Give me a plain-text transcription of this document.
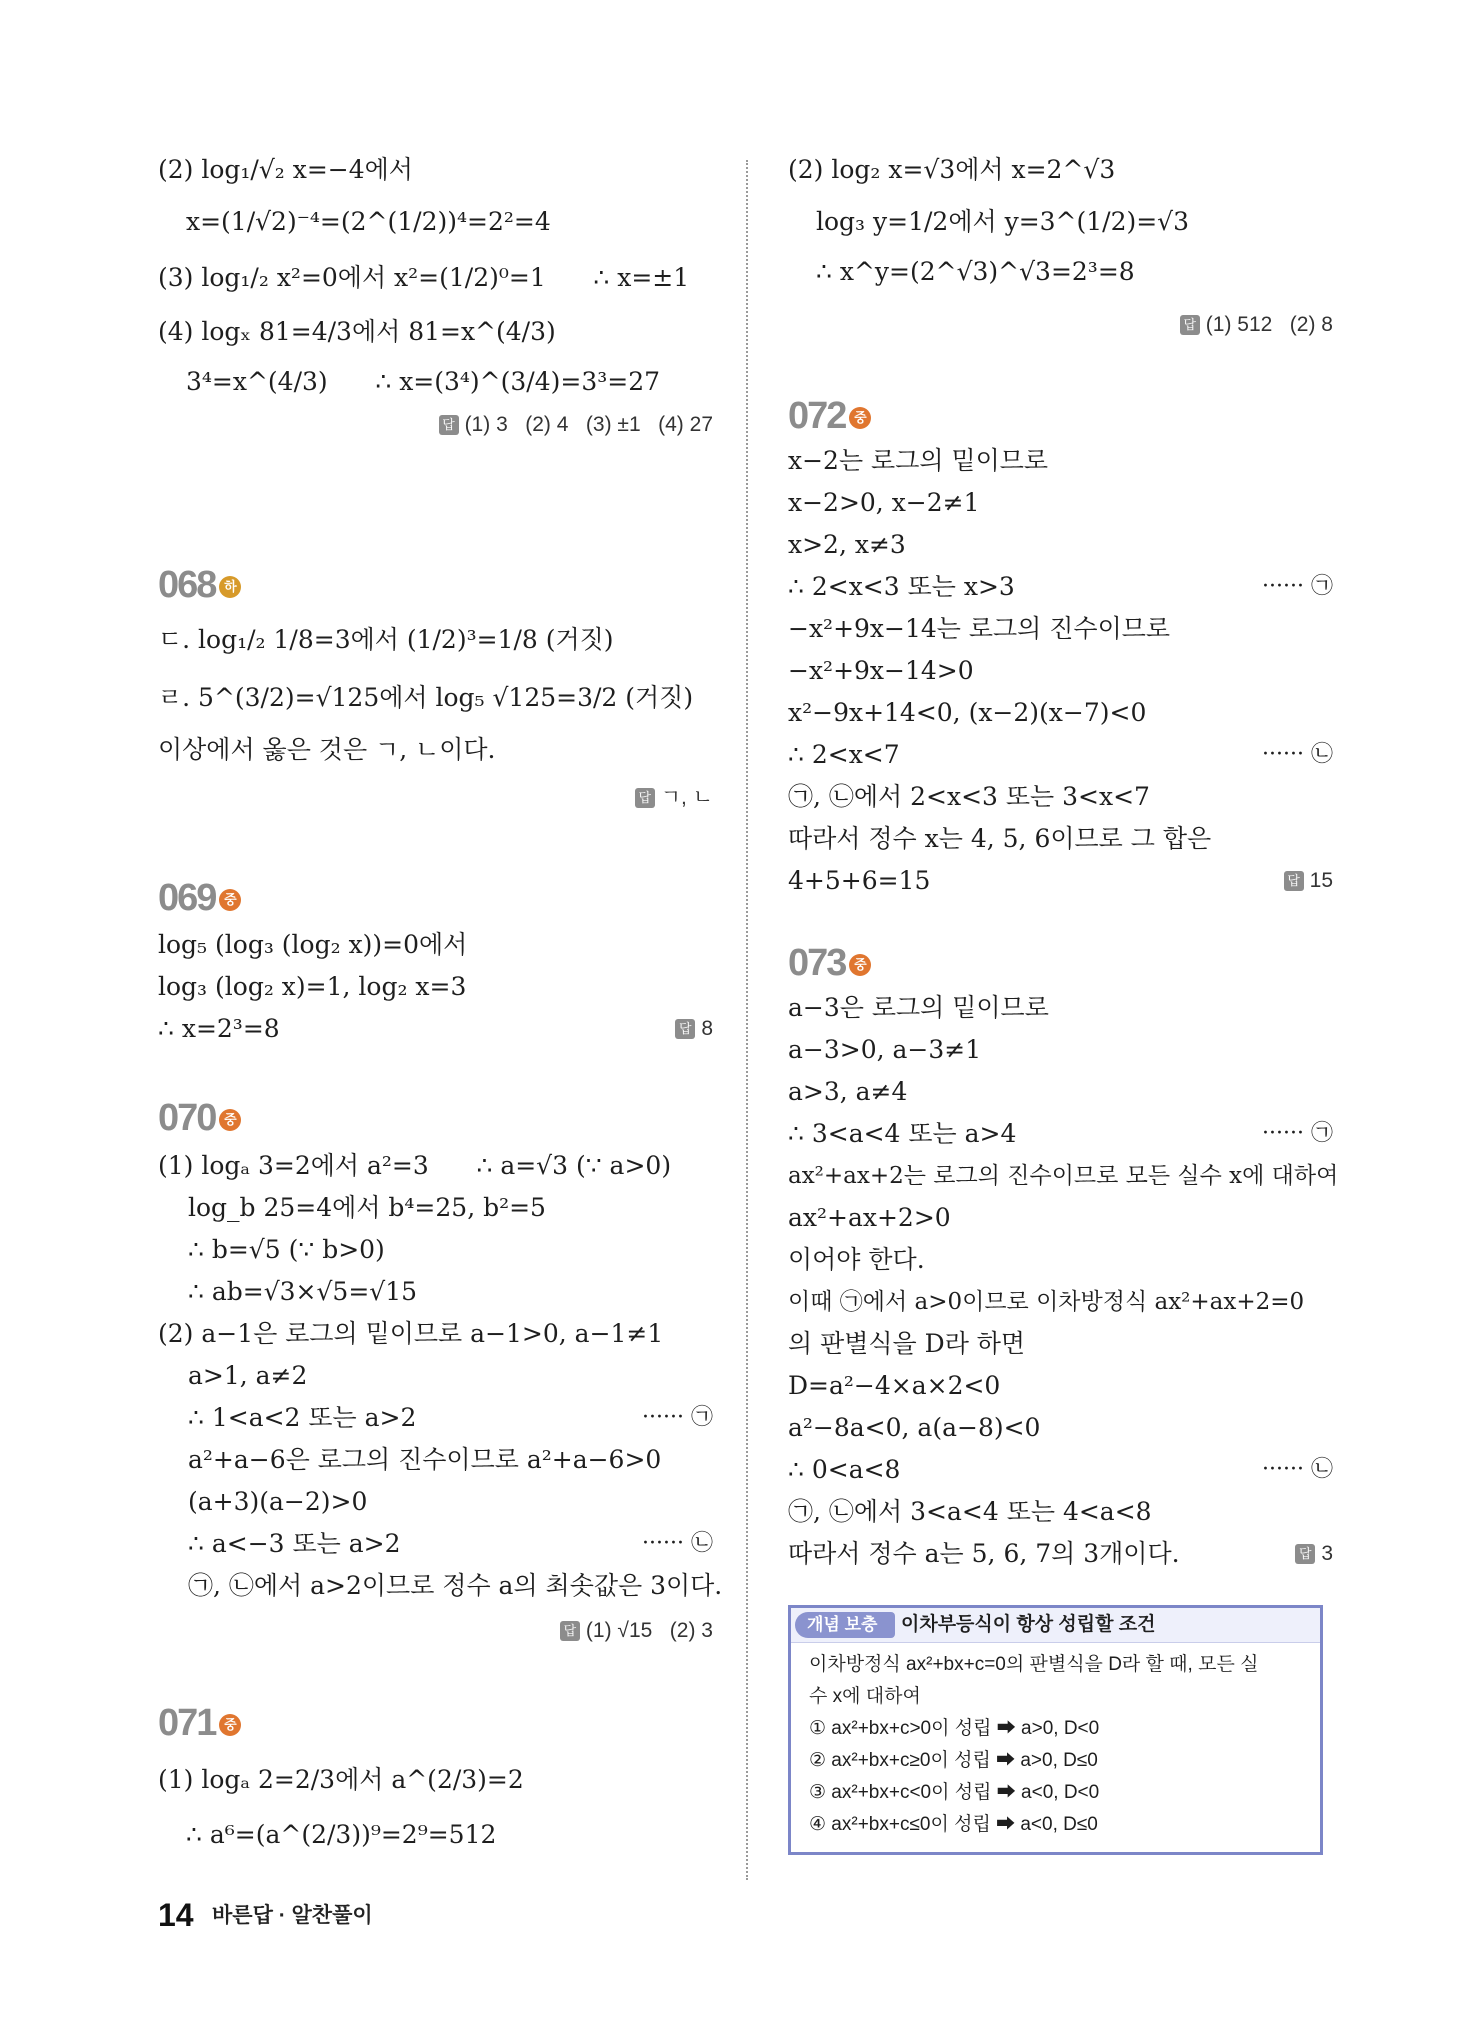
(2) log₁/√₂ x=−4에서
x=(1/√2)⁻⁴=(2^(1/2))⁴=2²=4
(3) log₁/₂ x²=0에서 x²=(1/2)⁰=1      ∴ x=±1
(4) logₓ 81=4/3에서 81=x^(4/3)
3⁴=x^(4/3)      ∴ x=(3⁴)^(3/4)=3³=27
답 (1) 3   (2) 4   (3) ±1   (4) 27
068 하
ㄷ. log₁/₂ 1/8=3에서 (1/2)³=1/8 (거짓)
ㄹ. 5^(3/2)=√125에서 log₅ √125=3/2 (거짓)
이상에서 옳은 것은 ㄱ, ㄴ이다.
답 ㄱ, ㄴ
069 중
log₅ (log₃ (log₂ x))=0에서
log₃ (log₂ x)=1, log₂ x=3
∴ x=2³=8	답 8
070 중
(1) logₐ 3=2에서 a²=3      ∴ a=√3 (∵ a>0)
log_b 25=4에서 b⁴=25, b²=5
∴ b=√5 (∵ b>0)
∴ ab=√3×√5=√15
(2) a−1은 로그의 밑이므로 a−1>0, a−1≠1
a>1, a≠2
∴ 1<a<2 또는 a>2	······ ㉠
a²+a−6은 로그의 진수이므로 a²+a−6>0
(a+3)(a−2)>0
∴ a<−3 또는 a>2	······ ㉡
㉠, ㉡에서 a>2이므로 정수 a의 최솟값은 3이다.
답 (1) √15   (2) 3
071 중
(1) logₐ 2=2/3에서 a^(2/3)=2
∴ a⁶=(a^(2/3))⁹=2⁹=512
(2) log₂ x=√3에서 x=2^√3
log₃ y=1/2에서 y=3^(1/2)=√3
∴ x^y=(2^√3)^√3=2³=8
답 (1) 512   (2) 8
072 중
x−2는 로그의 밑이므로
x−2>0, x−2≠1
x>2, x≠3
∴ 2<x<3 또는 x>3	······ ㉠
−x²+9x−14는 로그의 진수이므로
−x²+9x−14>0
x²−9x+14<0, (x−2)(x−7)<0
∴ 2<x<7	······ ㉡
㉠, ㉡에서 2<x<3 또는 3<x<7
따라서 정수 x는 4, 5, 6이므로 그 합은
4+5+6=15	답 15
073 중
a−3은 로그의 밑이므로
a−3>0, a−3≠1
a>3, a≠4
∴ 3<a<4 또는 a>4	······ ㉠
ax²+ax+2는 로그의 진수이므로 모든 실수 x에 대하여
ax²+ax+2>0
이어야 한다.
이때 ㉠에서 a>0이므로 이차방정식 ax²+ax+2=0
의 판별식을 D라 하면
D=a²−4×a×2<0
a²−8a<0, a(a−8)<0
∴ 0<a<8	······ ㉡
㉠, ㉡에서 3<a<4 또는 4<a<8
따라서 정수 a는 5, 6, 7의 3개이다.	답 3
개념 보충	이차부등식이 항상 성립할 조건
이차방정식 ax²+bx+c=0의 판별식을 D라 할 때, 모든 실
수 x에 대하여
① ax²+bx+c>0이 성립 ➡ a>0, D<0
② ax²+bx+c≥0이 성립 ➡ a>0, D≤0
③ ax²+bx+c<0이 성립 ➡ a<0, D<0
④ ax²+bx+c≤0이 성립 ➡ a<0, D≤0
14 바른답 · 알찬풀이
